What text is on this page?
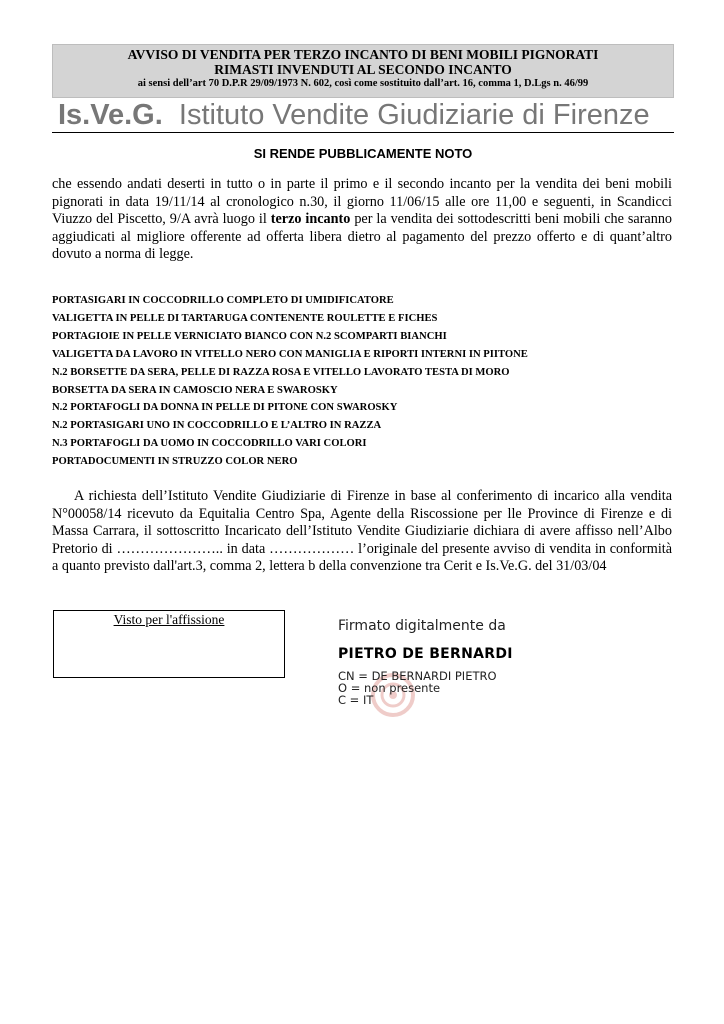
AVVISO DI VENDITA PER TERZO INCANTO DI BENI MOBILI PIGNORATI
RIMASTI INVENDUTI AL SECONDO INCANTO
ai sensi dell’art 70 D.P.R 29/09/1973 N. 602, così come sostituito dall’art. 16, comma 1, D.Lgs n. 46/99
Is.Ve.G. Istituto Vendite Giudiziarie di Firenze
SI RENDE PUBBLICAMENTE NOTO

che essendo andati deserti in tutto o in parte il primo e il secondo incanto per la vendita dei beni mobili pignorati in data 19/11/14 al cronologico n.30, il giorno 11/06/15 alle ore 11,00 e seguenti, in Scandicci Viuzzo del Piscetto, 9/A avrà luogo il terzo incanto per la vendita dei sottodescritti beni mobili che saranno aggiudicati al migliore offerente ad offerta libera dietro al pagamento del prezzo offerto e di quant’altro dovuto a norma di legge.

PORTASIGARI IN COCCODRILLO COMPLETO DI UMIDIFICATORE
VALIGETTA IN PELLE DI TARTARUGA CONTENENTE ROULETTE E FICHES
PORTAGIOIE IN PELLE VERNICIATO BIANCO CON N.2 SCOMPARTI BIANCHI
VALIGETTA DA LAVORO IN VITELLO NERO CON MANIGLIA E RIPORTI INTERNI IN PIITONE
N.2 BORSETTE DA SERA, PELLE DI RAZZA ROSA E VITELLO LAVORATO TESTA DI MORO
BORSETTA DA SERA IN CAMOSCIO NERA E SWAROSKY
N.2 PORTAFOGLI DA DONNA IN PELLE DI PITONE CON SWAROSKY
N.2 PORTASIGARI UNO IN COCCODRILLO E L’ALTRO IN RAZZA
N.3 PORTAFOGLI DA UOMO IN COCCODRILLO VARI COLORI
PORTADOCUMENTI IN STRUZZO COLOR NERO

A richiesta dell’Istituto Vendite Giudiziarie di Firenze in base al conferimento di incarico alla vendita N°00058/14 ricevuto da Equitalia Centro Spa, Agente della Riscossione per lle Province di Firenze e di Massa Carrara, il sottoscritto Incaricato dell’Istituto Vendite Giudiziarie dichiara di avere affisso nell’Albo Pretorio di ………………….. in data ……………… l’originale del presente avviso di vendita in conformità a quanto previsto dall'art.3, comma 2, lettera b della convenzione tra Cerit e Is.Ve.G. del 31/03/04

Visto per l'affissione	Firmato digitalmente da
PIETRO DE BERNARDI
CN = DE BERNARDI PIETRO
O = non presente
C = IT
